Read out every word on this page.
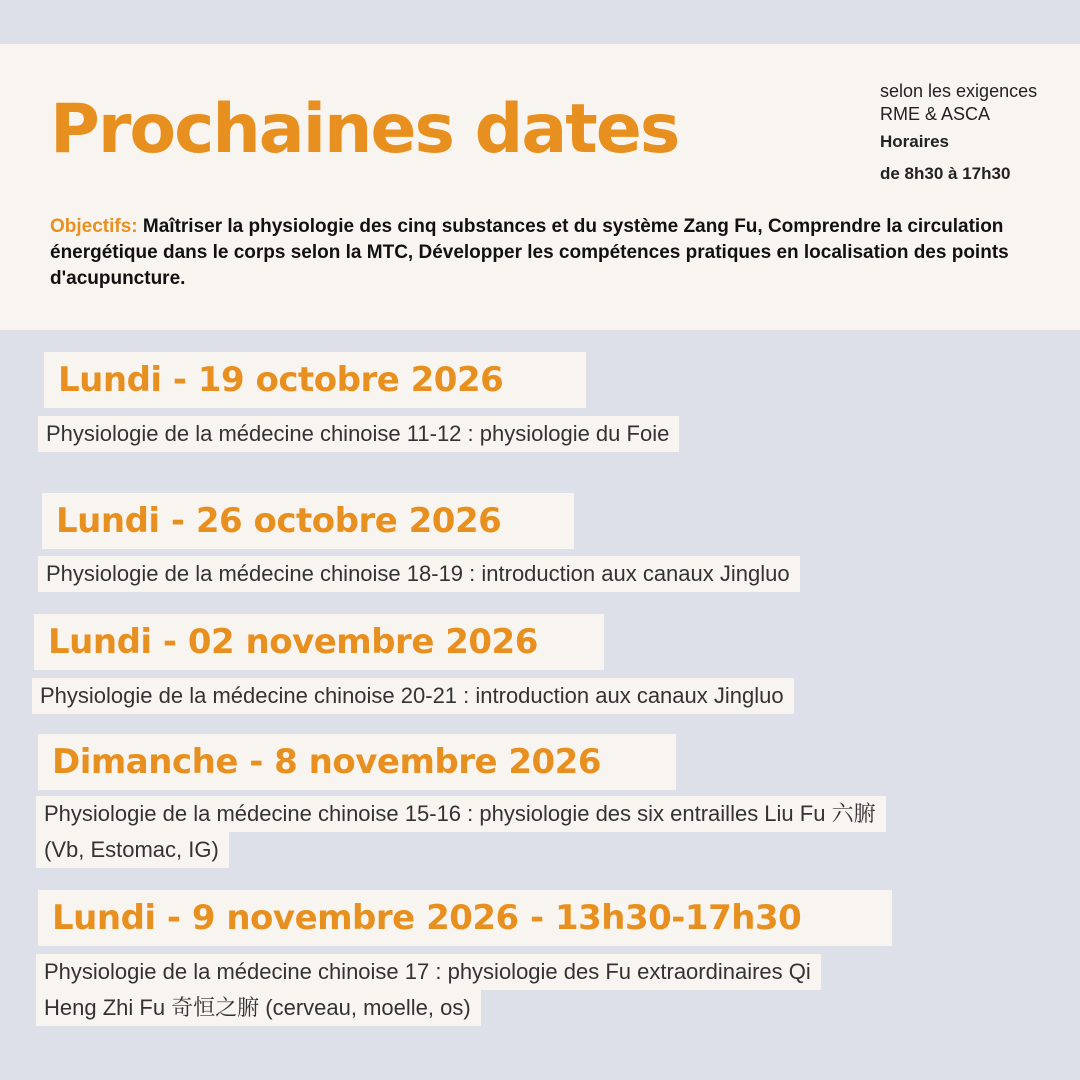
Prochaines dates	selon les exigences
RME & ASCA
Horaires
de 8h30 à 17h30

Objectifs: Maîtriser la physiologie des cinq substances et du système Zang Fu, Comprendre la circulation énergétique dans le corps selon la MTC, Développer les compétences pratiques en localisation des points d'acupuncture.

Lundi - 19 octobre 2026
Physiologie de la médecine chinoise 11-12 : physiologie du Foie
Lundi - 26 octobre 2026
Physiologie de la médecine chinoise 18-19 : introduction aux canaux Jingluo
Lundi - 02 novembre 2026
Physiologie de la médecine chinoise 20-21 : introduction aux canaux Jingluo
Dimanche - 8 novembre 2026
Physiologie de la médecine chinoise 15-16 : physiologie des six entrailles Liu Fu 六腑
(Vb, Estomac, IG)
Lundi - 9 novembre 2026 - 13h30-17h30
Physiologie de la médecine chinoise 17 : physiologie des Fu extraordinaires Qi
Heng Zhi Fu 奇恒之腑 (cerveau, moelle, os)
